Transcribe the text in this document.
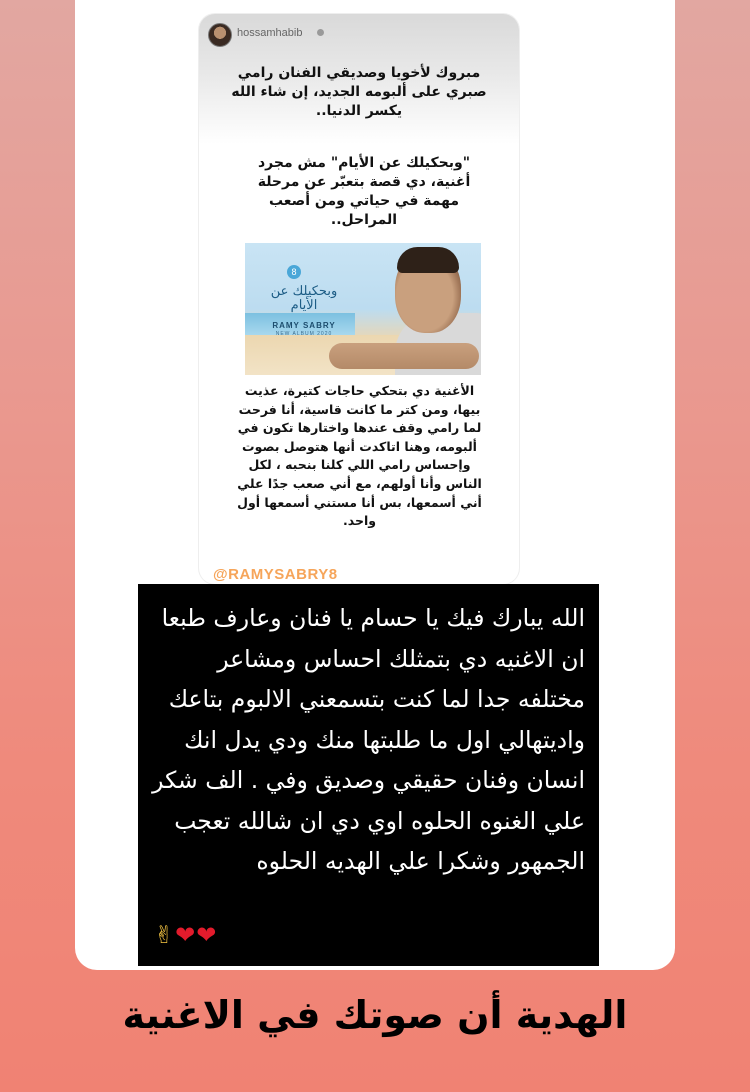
hossamhabib
مبروك لأخويا وصديقي الفنان رامي صبري على ألبومه الجديد، إن شاء الله يكسر الدنيا..
"وبحكيلك عن الأيام" مش مجرد أغنية، دي قصة بتعبّر عن مرحلة مهمة في حياتي ومن أصعب المراحل..
8
وبحكيلك عن الأيام
RAMY SABRY
NEW ALBUM 2020
الأغنية دي بتحكي حاجات كتيرة، عذيت بيها، ومن كتر ما كانت قاسية، أنا فرحت لما رامي وقف عندها واختارها تكون في ألبومه، وهنا اتاكدت أنها هتوصل بصوت وإحساس رامي اللي كلنا بنحبه ، لكل الناس وأنا أولهم، مع أني صعب جدًا علي أني أسمعها، بس أنا مستني أسمعها أول واحد.
@RAMYSABRY8
الله يبارك فيك يا حسام يا فنان وعارف طبعا ان الاغنيه دي بتمثلك احساس ومشاعر مختلفه جدا لما كنت بتسمعني الالبوم بتاعك واديتهالي اول ما طلبتها منك ودي يدل انك انسان وفنان حقيقي وصديق وفي . الف شكر علي الغنوه الحلوه اوي دي ان شالله تعجب الجمهور وشكرا علي الهديه الحلوه
✌❤❤
الهدية أن صوتك في الاغنية
